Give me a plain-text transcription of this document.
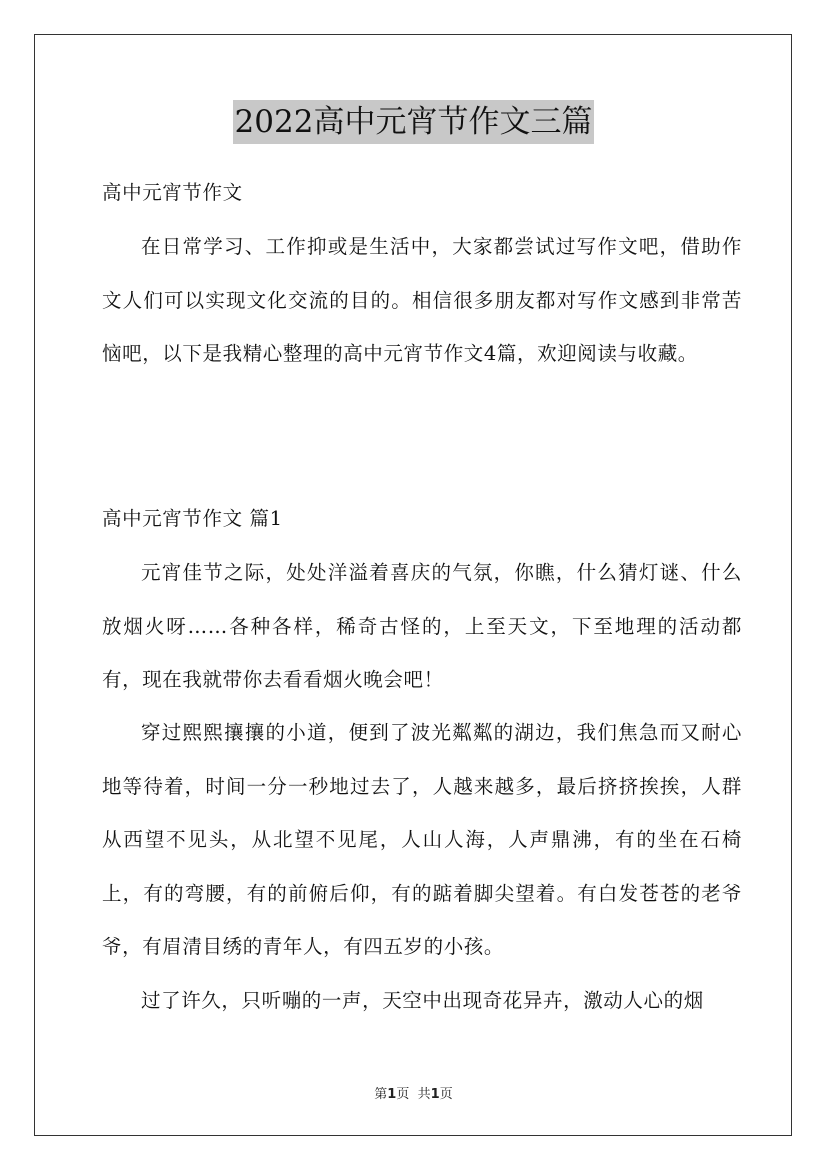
2022高中元宵节作文三篇

高中元宵节作文

在日常学习、工作抑或是生活中，大家都尝试过写作文吧，借助作文人们可以实现文化交流的目的。相信很多朋友都对写作文感到非常苦恼吧，以下是我精心整理的高中元宵节作文4篇，欢迎阅读与收藏。

高中元宵节作文 篇1

元宵佳节之际，处处洋溢着喜庆的气氛，你瞧，什么猜灯谜、什么放烟火呀……各种各样，稀奇古怪的，上至天文，下至地理的活动都有，现在我就带你去看看烟火晚会吧！

穿过熙熙攘攘的小道，便到了波光粼粼的湖边，我们焦急而又耐心地等待着，时间一分一秒地过去了，人越来越多，最后挤挤挨挨，人群从西望不见头，从北望不见尾，人山人海，人声鼎沸，有的坐在石椅上，有的弯腰，有的前俯后仰，有的踮着脚尖望着。有白发苍苍的老爷爷，有眉清目绣的青年人，有四五岁的小孩。

过了许久，只听嘣的一声，天空中出现奇花异卉，激动人心的烟

第1页 共1页
